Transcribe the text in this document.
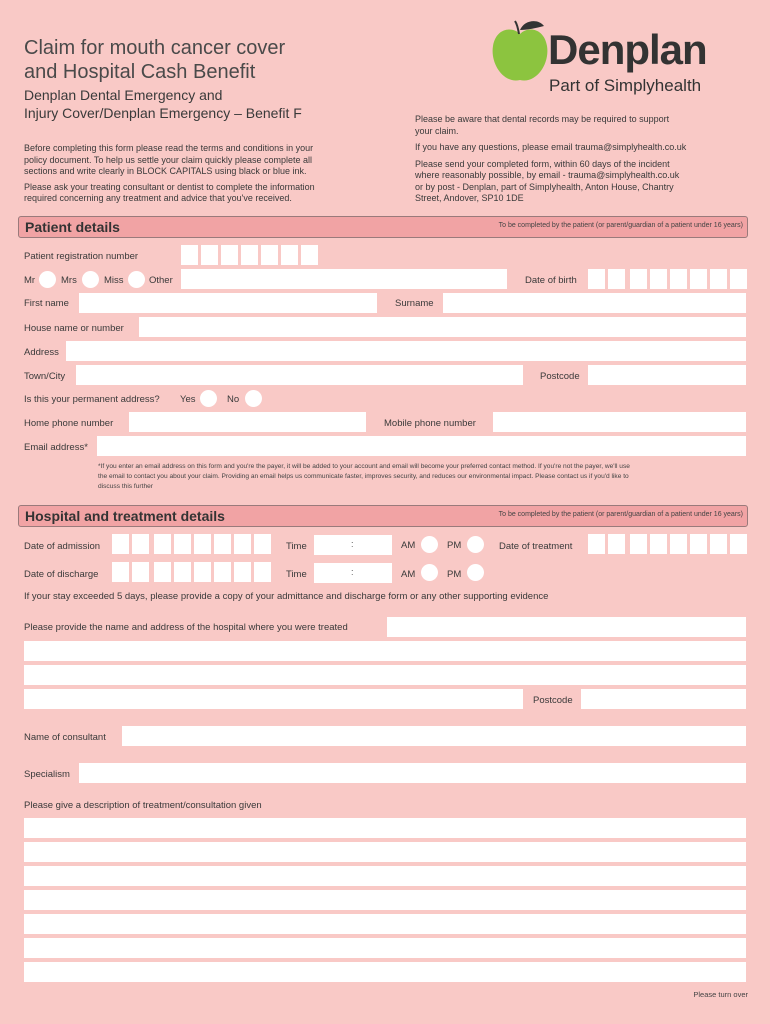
Claim for mouth cancer cover
and Hospital Cash Benefit
Denplan Dental Emergency and
Injury Cover/Denplan Emergency – Benefit F
Denplan
Part of Simplyhealth
Before completing this form please read the terms and conditions in your
policy document. To help us settle your claim quickly please complete all
sections and write clearly in BLOCK CAPITALS using black or blue ink.
Please ask your treating consultant or dentist to complete the information
required concerning any treatment and advice that you've received.
Please be aware that dental records may be required to support
your claim.
If you have any questions, please email trauma@simplyhealth.co.uk
Please send your completed form, within 60 days of the incident
where reasonably possible, by email - trauma@simplyhealth.co.uk
or by post - Denplan, part of Simplyhealth, Anton House, Chantry
Street, Andover, SP10 1DE
Patient details	To be completed by the patient (or parent/guardian of a patient under 16 years)
Patient registration number
Mr	Mrs	Miss	Other	Date of birth
First name	Surname
House name or number
Address
Town/City	Postcode
Is this your permanent address? Yes	No
Home phone number	Mobile phone number
Email address*
*If you enter an email address on this form and you're the payer, it will be added to your account and email will become your preferred contact method. If you're not the payer, we'll use
the email to contact you about your claim. Providing an email helps us communicate faster, improves security, and reduces our environmental impact. Please contact us if you'd like to
discuss this further
Hospital and treatment details	To be completed by the patient (or parent/guardian of a patient under 16 years)
Date of admission	Time	:	AM	PM	Date of treatment
Date of discharge	Time	:	AM	PM
If your stay exceeded 5 days, please provide a copy of your admittance and discharge form or any other supporting evidence
Please provide the name and address of the hospital where you were treated
Postcode
Name of consultant
Specialism
Please give a description of treatment/consultation given
Please turn over
